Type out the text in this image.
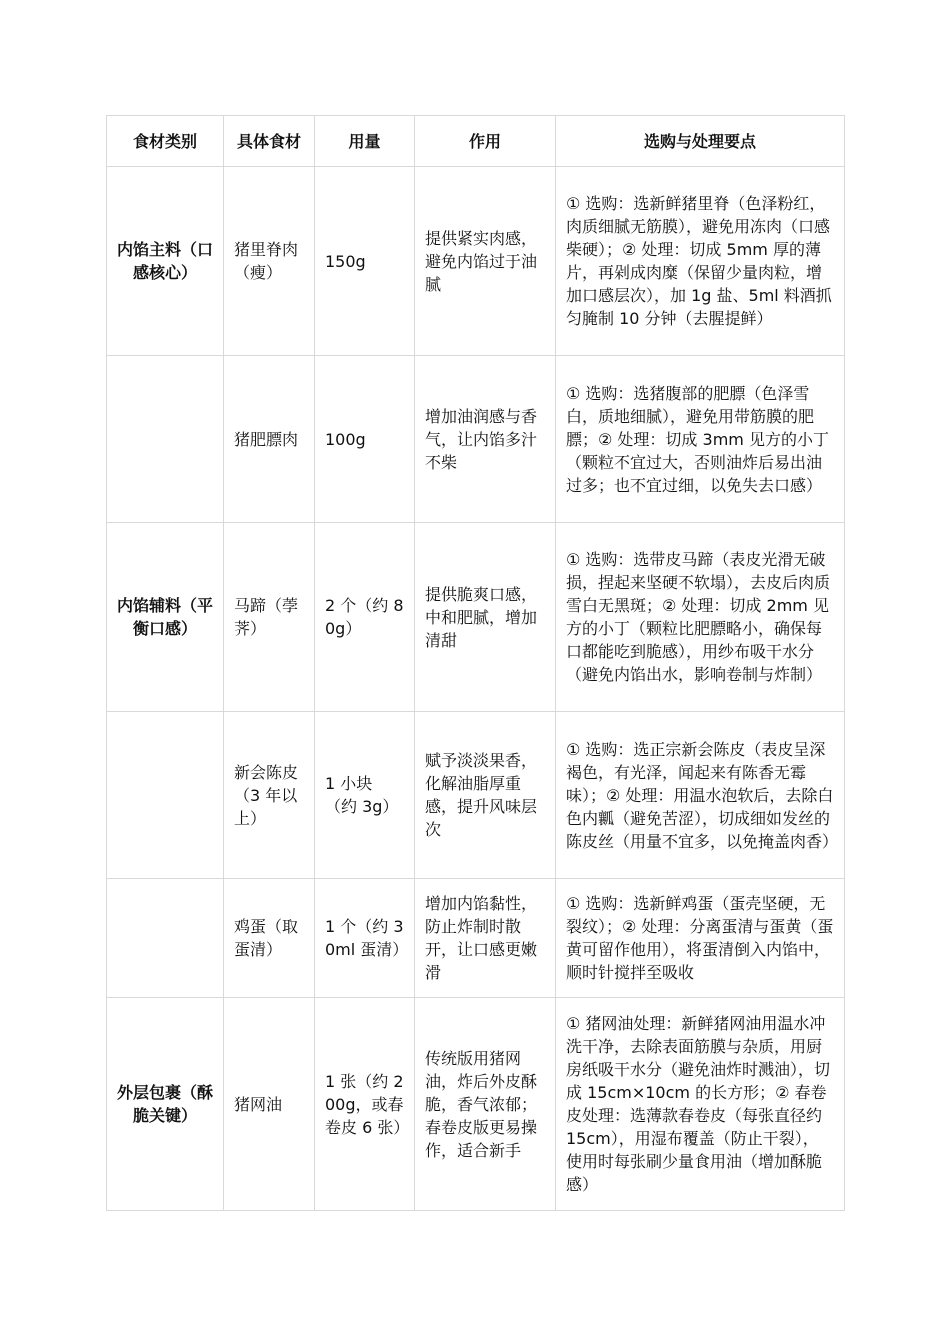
食材类别	具体食材	用量	作用	选购与处理要点
内馅主料（口感核心）	猪里脊肉（瘦）	150g	提供紧实肉感，避免内馅过于油腻	① 选购：选新鲜猪里脊（色泽粉红，肉质细腻无筋膜），避免用冻肉（口感柴硬）；② 处理：切成 5mm 厚的薄片，再剁成肉糜（保留少量肉粒，增加口感层次），加 1g 盐、5ml 料酒抓匀腌制 10 分钟（去腥提鲜）
	猪肥膘肉	100g	增加油润感与香气，让内馅多汁不柴	① 选购：选猪腹部的肥膘（色泽雪白，质地细腻），避免用带筋膜的肥膘；② 处理：切成 3mm 见方的小丁（颗粒不宜过大，否则油炸后易出油过多；也不宜过细，以免失去口感）
内馅辅料（平衡口感）	马蹄（荸荠）	2 个（约 80g）	提供脆爽口感，中和肥腻，增加清甜	① 选购：选带皮马蹄（表皮光滑无破损，捏起来坚硬不软塌），去皮后肉质雪白无黑斑；② 处理：切成 2mm 见方的小丁（颗粒比肥膘略小，确保每口都能吃到脆感），用纱布吸干水分（避免内馅出水，影响卷制与炸制）
	新会陈皮（3 年以上）	1 小块（约 3g）	赋予淡淡果香，化解油脂厚重感，提升风味层次	① 选购：选正宗新会陈皮（表皮呈深褐色，有光泽，闻起来有陈香无霉味）；② 处理：用温水泡软后，去除白色内瓤（避免苦涩），切成细如发丝的陈皮丝（用量不宜多，以免掩盖肉香）
	鸡蛋（取蛋清）	1 个（约 30ml 蛋清）	增加内馅黏性，防止炸制时散开，让口感更嫩滑	① 选购：选新鲜鸡蛋（蛋壳坚硬，无裂纹）；② 处理：分离蛋清与蛋黄（蛋黄可留作他用），将蛋清倒入内馅中，顺时针搅拌至吸收
外层包裹（酥脆关键）	猪网油	1 张（约 200g，或春卷皮 6 张）	传统版用猪网油，炸后外皮酥脆，香气浓郁；春卷皮版更易操作，适合新手	① 猪网油处理：新鲜猪网油用温水冲洗干净，去除表面筋膜与杂质，用厨房纸吸干水分（避免油炸时溅油），切成 15cm×10cm 的长方形；② 春卷皮处理：选薄款春卷皮（每张直径约 15cm），用湿布覆盖（防止干裂），使用时每张刷少量食用油（增加酥脆感）
